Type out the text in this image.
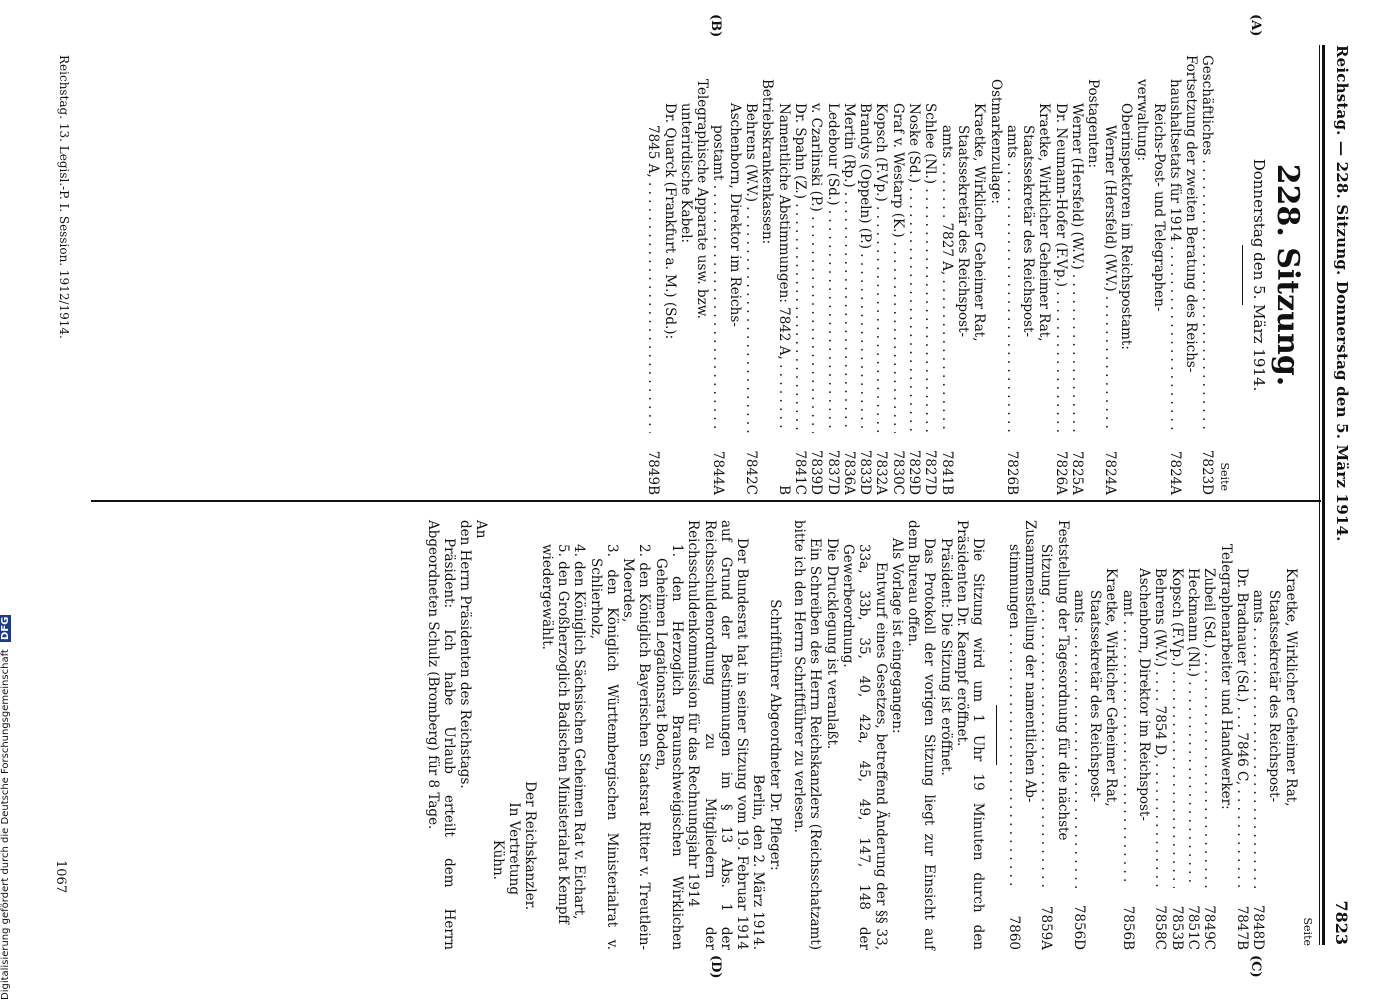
Reichstag. — 228. Sitzung. Donnerstag den 5. März 1914.
7823
(A)
(B)
(C)
(D)
228. Sitzung.
Donnerstag den 5. März 1914.
Seite
Geschäftliches . . .
7823D
Fortsetzung der zweiten Beratung des Reichs-
haushaltsetats für 1914 . . .
7824A
Reichs-Post- und Telegraphen-
verwaltung:
Oberinspektoren im Reichspostamt:
Werner (Hersfeld) (W.V.) . . .
7824A
Postagenten:
Werner (Hersfeld) (W.V.) . . .
7825A
Dr. Neumann-Hofer (F.Vp.) . . .
7826A
Kraetke, Wirklicher Geheimer Rat,
Staatssekretär des Reichspost-
amts . . .
7826B
Ostmarkenzulage:
Kraetke, Wirklicher Geheimer Rat,
Staatssekretär des Reichspost-
amts . . . . . . . 7827 A, . . .
7841B
Schlee (Nl.) . . .
7827D
Noske (Sd.) . . .
7829D
Graf v. Westarp (K.) . . .
7830C
Kopsch (F.Vp.) . . .
7832A
Brandys (Oppeln) (P.) . . .
7833D
Mertin (Rp.) . . .
7836A
Ledebour (Sd.) . . .
7837D
v. Czarlinski (P.) . . .
7839D
Dr. Spahn (Z.) . . .
7841C
Namentliche Abstimmungen: 7842 A, . . .
B
Betriebskrankenkassen:
Behrens (W.V.) . . .
7842C
Aschenborn, Direktor im Reichs-
postamt . . .
7844A
Telegraphische Apparate usw. bzw.
unterirdische Kabel:
Dr. Quarck (Frankfurt a. M.) (Sd.):
7845 A, . . .
7849B
Seite
Kraetke, Wirklicher Geheimer Rat,
Staatssekretär des Reichspost-
amts . . .
7848D
Dr. Bradnauer (Sd.) . . . 7846 C, . . .
7847B
Telegraphenarbeiter und Handwerker:
Zubeil (Sd.) . . .
7849C
Heckmann (Nl.) . . .
7851C
Kopsch (F.Vp.) . . .
7853B
Behrens (W.V.) . . . . 7854 D, . . .
7858C
Aschenborn, Direktor im Reichspost-
amt . . .
7856B
Kraetke, Wirklicher Geheimer Rat,
Staatssekretär des Reichspost-
amts . . .
7856D
Feststellung der Tagesordnung für die nächste
Sitzung . . .
7859A
Zusammenstellung der namentlichen Ab-
stimmungen . . .
7860

Die Sitzung wird um 1 Uhr 19 Minuten durch den Präsidenten Dr. Kaempf eröffnet.

Präsident: Die Sitzung ist eröffnet.

Das Protokoll der vorigen Sitzung liegt zur Einsicht auf dem Bureau offen.

Als Vorlage ist eingegangen:

Entwurf eines Gesetzes, betreffend Änderung der §§ 33, 33a, 33b, 35, 40, 42a, 45, 49, 147, 148 der Gewerbeordnung.

Die Drucklegung ist veranlaßt.

Ein Schreiben des Herrn Reichskanzlers (Reichsschatzamt) bitte ich den Herrn Schriftführer zu verlesen.

Schriftführer Abgeordneter Dr. Pfleger:

Berlin, den 2. März 1914.

Der Bundesrat hat in seiner Sitzung vom 19. Februar 1914 auf Grund der Bestimmungen im § 13 Abs. 1 der Reichsschuldenordnung zu Mitgliedern der Reichsschuldenkommission für das Rechnungsjahr 1914

1. den Herzoglich Braunschweigischen Wirklichen Geheimen Legationsrat Boden,

2. den Königlich Bayerischen Staatsrat Ritter v. Treutlein-Moerdes,

3. den Königlich Württembergischen Ministerialrat v. Schlierholz,

4. den Königlich Sächsischen Geheimen Rat v. Eichart,

5. den Großherzoglich Badischen Ministerialrat Kempff

wiedergewählt.

Der Reichskanzler.

In Vertretung

Kühn.

An

den Herrn Präsidenten des Reichstags.

Präsident: Ich habe Urlaub erteilt dem Herrn Abgeordneten Schulz (Bromberg) für 8 Tage.

Reichstag. 13. Legisl.-P. I. Session. 1912/1914.
1067
Digitalisierung gefördert durch die Deutsche Forschungsgemeinschaft DFG
